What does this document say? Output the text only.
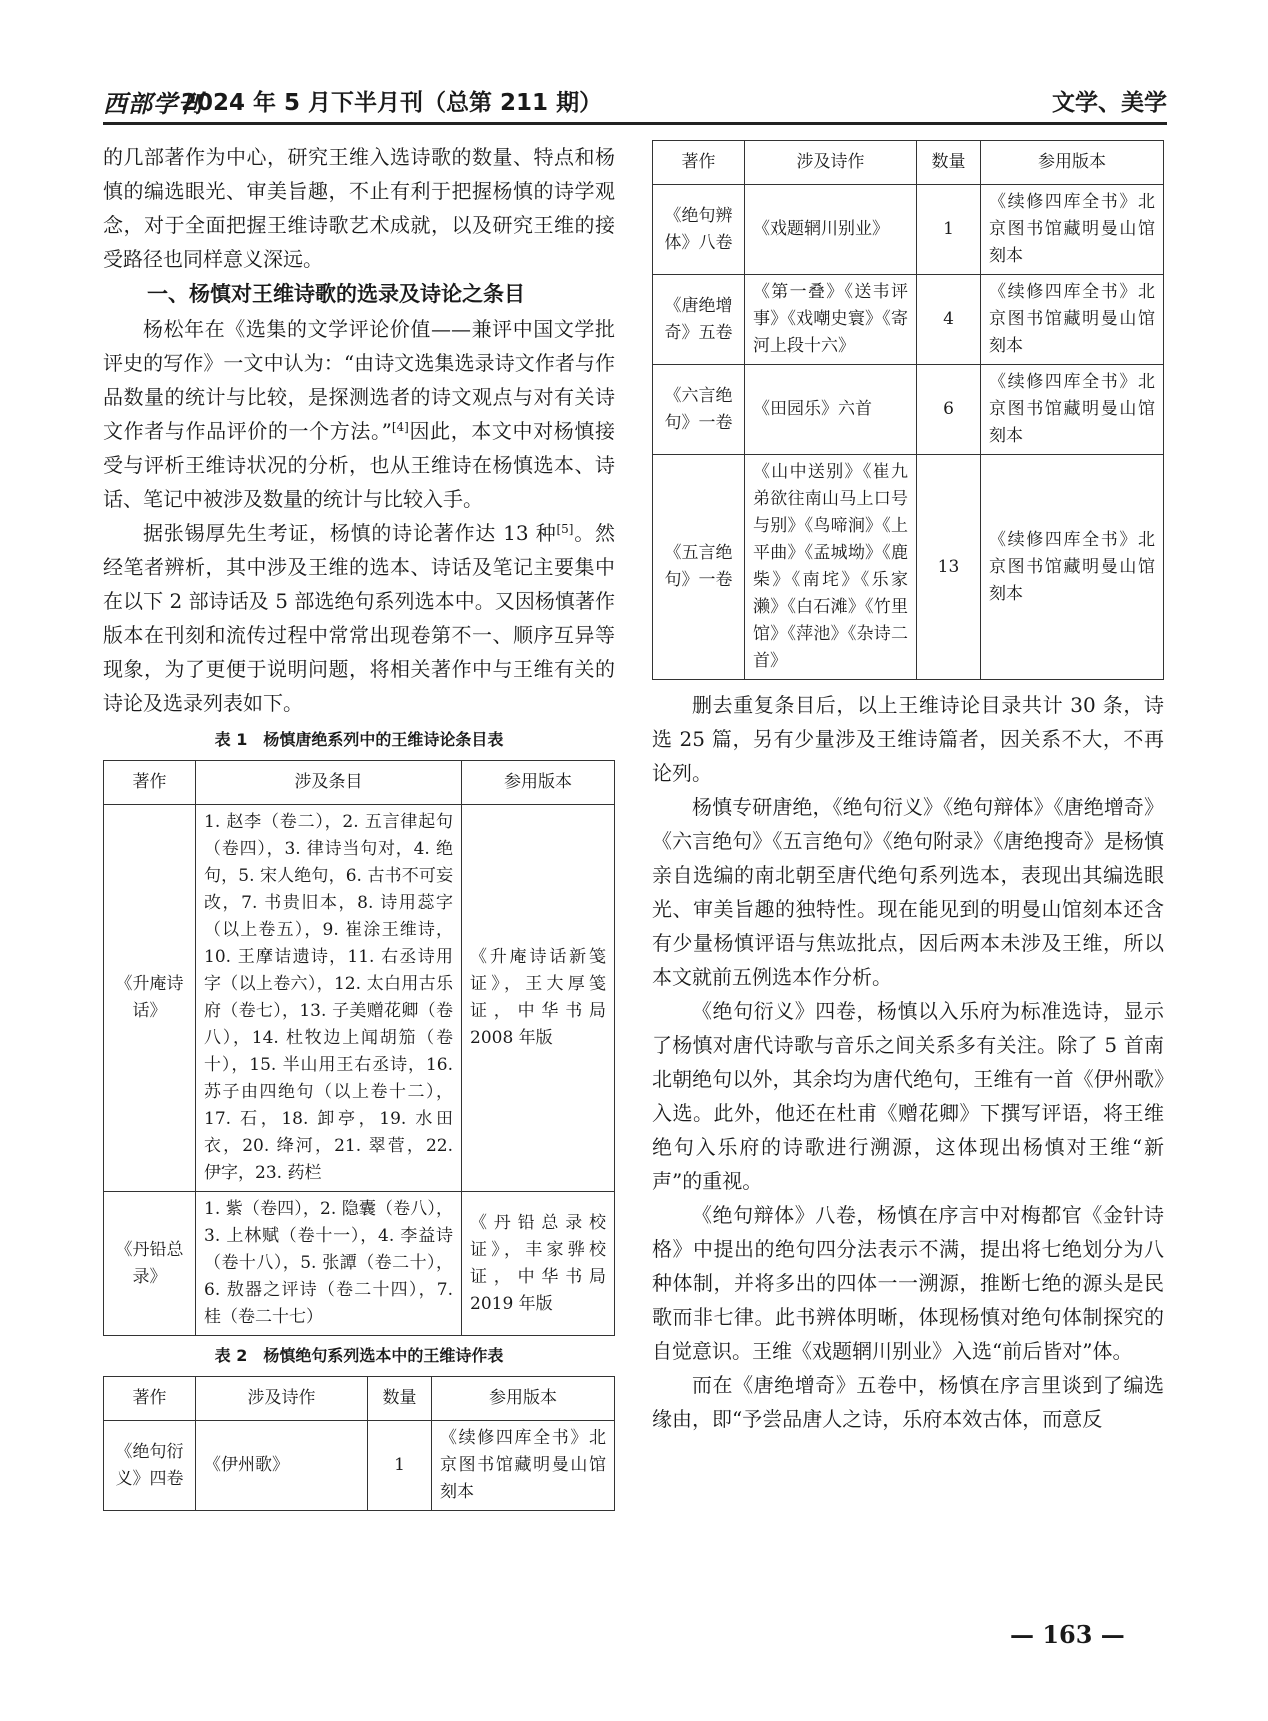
西部学刊
2024 年 5 月下半月刊（总第 211 期）	文学、美学

的几部著作为中心，研究王维入选诗歌的数量、特点和杨慎的编选眼光、审美旨趣，不止有利于把握杨慎的诗学观念，对于全面把握王维诗歌艺术成就，以及研究王维的接受路径也同样意义深远。

一、杨慎对王维诗歌的选录及诗论之条目

杨松年在《选集的文学评论价值——兼评中国文学批评史的写作》一文中认为：“由诗文选集选录诗文作者与作品数量的统计与比较，是探测选者的诗文观点与对有关诗文作者与作品评价的一个方法。”[4]因此，本文中对杨慎接受与评析王维诗状况的分析，也从王维诗在杨慎选本、诗话、笔记中被涉及数量的统计与比较入手。

据张锡厚先生考证，杨慎的诗论著作达 13 种[5]。然经笔者辨析，其中涉及王维的选本、诗话及笔记主要集中在以下 2 部诗话及 5 部选绝句系列选本中。又因杨慎著作版本在刊刻和流传过程中常常出现卷第不一、顺序互异等现象，为了更便于说明问题，将相关著作中与王维有关的诗论及选录列表如下。

表 1　杨慎唐绝系列中的王维诗论条目表
著作	涉及条目	参用版本
《升庵诗话》	1. 赵李（卷二），2. 五言律起句（卷四），3. 律诗当句对，4. 绝句，5. 宋人绝句，6. 古书不可妄改，7. 书贵旧本，8. 诗用蕊字（以上卷五），9. 崔涂王维诗，10. 王摩诘遗诗，11. 右丞诗用字（以上卷六），12. 太白用古乐府（卷七），13. 子美赠花卿（卷八），14. 杜牧边上闻胡笳（卷十），15. 半山用王右丞诗，16. 苏子由四绝句（以上卷十二），17. 石，18. 卸亭，19. 水田衣，20. 绛河，21. 翠菅，22. 伊字，23. 药栏	《升庵诗话新笺证》，王大厚笺证，中华书局 2008 年版
《丹铅总录》	1. 紫（卷四），2. 隐囊（卷八），3. 上林赋（卷十一），4. 李益诗（卷十八），5. 张譚（卷二十），6. 敖器之评诗（卷二十四），7. 桂（卷二十七）	《丹铅总录校证》，丰家骅校证，中华书局 2019 年版
表 2　杨慎绝句系列选本中的王维诗作表
著作	涉及诗作	数量	参用版本
《绝句衍义》四卷	《伊州歌》	1	《续修四库全书》北京图书馆藏明曼山馆刻本
著作	涉及诗作	数量	参用版本
《绝句辨体》八卷	《戏题辋川别业》	1	《续修四库全书》北京图书馆藏明曼山馆刻本
《唐绝增奇》五卷	《第一叠》《送韦评事》《戏嘲史寰》《寄河上段十六》	4	《续修四库全书》北京图书馆藏明曼山馆刻本
《六言绝句》一卷	《田园乐》六首	6	《续修四库全书》北京图书馆藏明曼山馆刻本
《五言绝句》一卷	《山中送别》《崔九弟欲往南山马上口号与别》《鸟啼涧》《上平曲》《孟城坳》《鹿柴》《南垞》《乐家濑》《白石滩》《竹里馆》《萍池》《杂诗二首》	13	《续修四库全书》北京图书馆藏明曼山馆刻本

删去重复条目后，以上王维诗论目录共计 30 条，诗选 25 篇，另有少量涉及王维诗篇者，因关系不大，不再论列。

杨慎专研唐绝，《绝句衍义》《绝句辩体》《唐绝增奇》《六言绝句》《五言绝句》《绝句附录》《唐绝搜奇》是杨慎亲自选编的南北朝至唐代绝句系列选本，表现出其编选眼光、审美旨趣的独特性。现在能见到的明曼山馆刻本还含有少量杨慎评语与焦竑批点，因后两本未涉及王维，所以本文就前五例选本作分析。

《绝句衍义》四卷，杨慎以入乐府为标准选诗，显示了杨慎对唐代诗歌与音乐之间关系多有关注。除了 5 首南北朝绝句以外，其余均为唐代绝句，王维有一首《伊州歌》入选。此外，他还在杜甫《赠花卿》下撰写评语，将王维绝句入乐府的诗歌进行溯源，这体现出杨慎对王维“新声”的重视。

《绝句辩体》八卷，杨慎在序言中对梅都官《金针诗格》中提出的绝句四分法表示不满，提出将七绝划分为八种体制，并将多出的四体一一溯源，推断七绝的源头是民歌而非七律。此书辨体明晰，体现杨慎对绝句体制探究的自觉意识。王维《戏题辋川别业》入选“前后皆对”体。

而在《唐绝增奇》五卷中，杨慎在序言里谈到了编选缘由，即“予尝品唐人之诗，乐府本效古体，而意反

— 163 —
